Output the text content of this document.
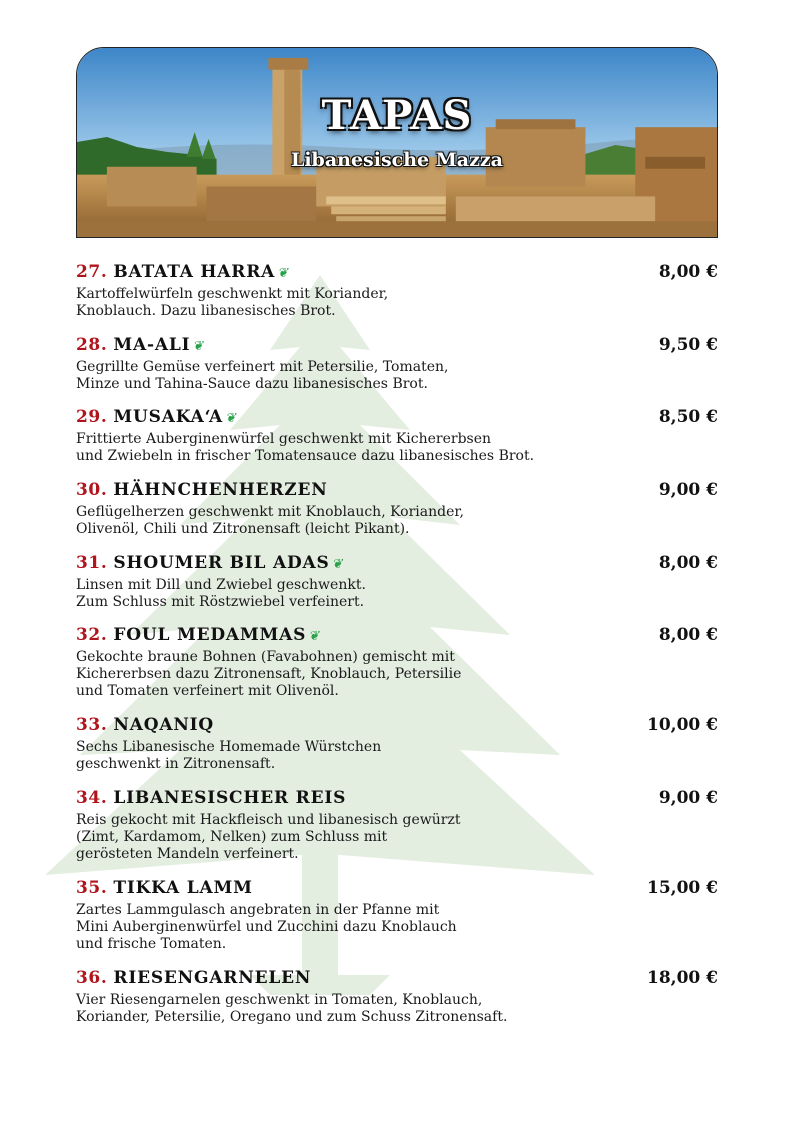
TAPAS
Libanesische Mazza
27. BATATA HARRA ❦	8,00 €
Kartoffelwürfeln geschwenkt mit Koriander,
Knoblauch. Dazu libanesisches Brot.
28. MA-ALI ❦	9,50 €
Gegrillte Gemüse verfeinert mit Petersilie, Tomaten,
Minze und Tahina-Sauce dazu libanesisches Brot.
29. MUSAKA‘A ❦	8,50 €
Frittierte Auberginenwürfel geschwenkt mit Kichererbsen
und Zwiebeln in frischer Tomatensauce dazu libanesisches Brot.
30. HÄHNCHENHERZEN	9,00 €
Geflügelherzen geschwenkt mit Knoblauch, Koriander,
Olivenöl, Chili und Zitronensaft (leicht Pikant).
31. SHOUMER BIL ADAS ❦	8,00 €
Linsen mit Dill und Zwiebel geschwenkt.
Zum Schluss mit Röstzwiebel verfeinert.
32. FOUL MEDAMMAS ❦	8,00 €
Gekochte braune Bohnen (Favabohnen) gemischt mit
Kichererbsen dazu Zitronensaft, Knoblauch, Petersilie
und Tomaten verfeinert mit Olivenöl.
33. NAQANIQ	10,00 €
Sechs Libanesische Homemade Würstchen
geschwenkt in Zitronensaft.
34. LIBANESISCHER REIS	9,00 €
Reis gekocht mit Hackfleisch und libanesisch gewürzt
(Zimt, Kardamom, Nelken) zum Schluss mit
gerösteten Mandeln verfeinert.
35. TIKKA LAMM	15,00 €
Zartes Lammgulasch angebraten in der Pfanne mit
Mini Auberginenwürfel und Zucchini dazu Knoblauch
und frische Tomaten.
36. RIESENGARNELEN	18,00 €
Vier Riesengarnelen geschwenkt in Tomaten, Knoblauch,
Koriander, Petersilie, Oregano und zum Schuss Zitronensaft.
